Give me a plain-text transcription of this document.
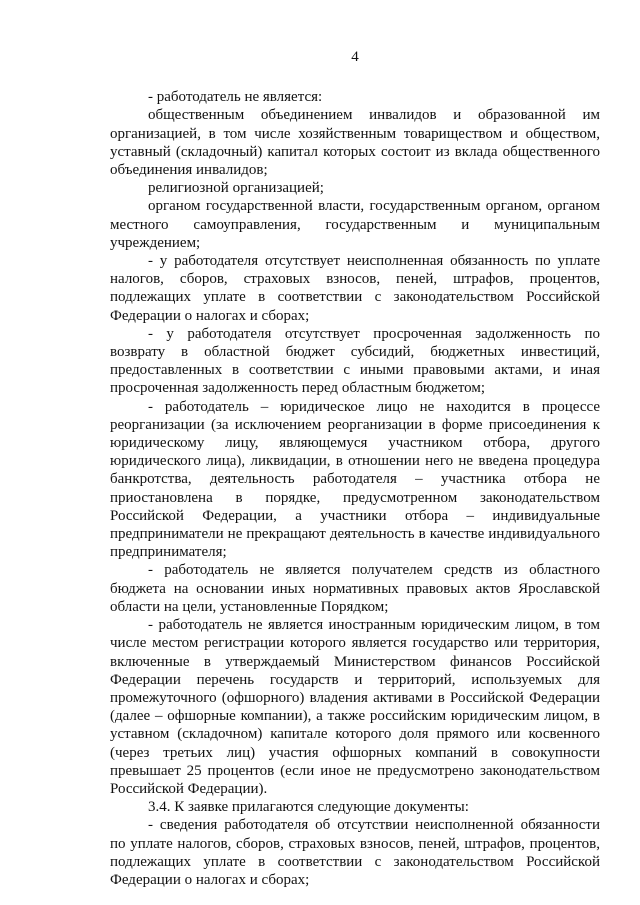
4

- работодатель не является:

общественным объединением инвалидов и образованной им организацией, в том числе хозяйственным товариществом и обществом, уставный (складочный) капитал которых состоит из вклада общественного объединения инвалидов;

религиозной организацией;

органом государственной власти, государственным органом, органом местного самоуправления, государственным и муниципальным учреждением;

- у работодателя отсутствует неисполненная обязанность по уплате налогов, сборов, страховых взносов, пеней, штрафов, процентов, подлежащих уплате в соответствии с законодательством Российской Федерации о налогах и сборах;

- у работодателя отсутствует просроченная задолженность по возврату в областной бюджет субсидий, бюджетных инвестиций, предоставленных в соответствии с иными правовыми актами, и иная просроченная задолженность перед областным бюджетом;

- работодатель – юридическое лицо не находится в процессе реорганизации (за исключением реорганизации в форме присоединения к юридическому лицу, являющемуся участником отбора, другого юридического лица), ликвидации, в отношении него не введена процедура банкротства, деятельность работодателя – участника отбора не приостановлена в порядке, предусмотренном законодательством Российской Федерации, а участники отбора – индивидуальные предприниматели не прекращают деятельность в качестве индивидуального предпринимателя;

- работодатель не является получателем средств из областного бюджета на основании иных нормативных правовых актов Ярославской области на цели, установленные Порядком;

- работодатель не является иностранным юридическим лицом, в том числе местом регистрации которого является государство или территория, включенные в утверждаемый Министерством финансов Российской Федерации перечень государств и территорий, используемых для промежуточного (офшорного) владения активами в Российской Федерации (далее – офшорные компании), а также российским юридическим лицом, в уставном (складочном) капитале которого доля прямого или косвенного (через третьих лиц) участия офшорных компаний в совокупности превышает 25 процентов (если иное не предусмотрено законодательством Российской Федерации).

3.4. К заявке прилагаются следующие документы:

- сведения работодателя об отсутствии неисполненной обязанности по уплате налогов, сборов, страховых взносов, пеней, штрафов, процентов, подлежащих уплате в соответствии с законодательством Российской Федерации о налогах и сборах;
